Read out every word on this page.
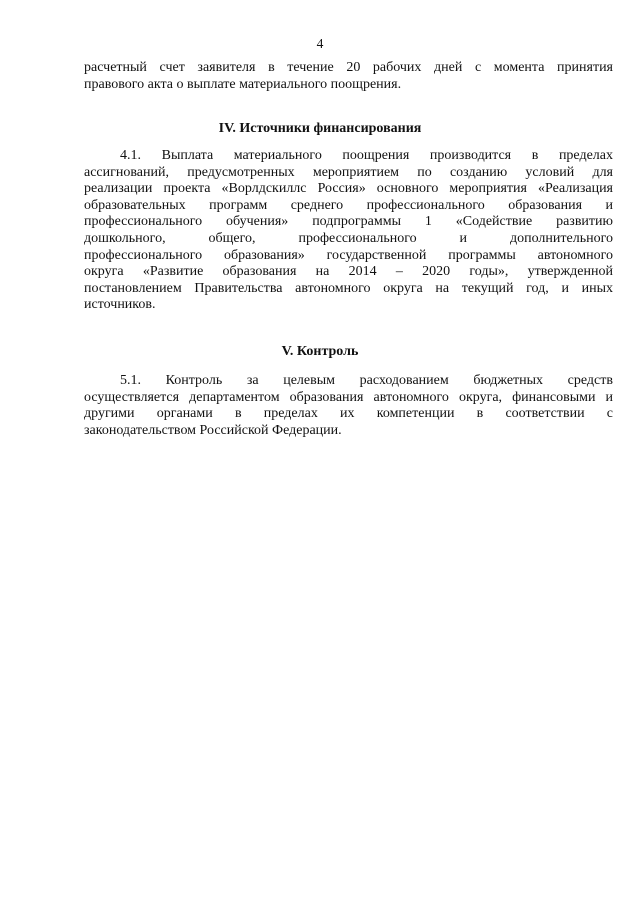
4
расчетный счет заявителя в течение 20 рабочих дней с момента принятия
правового акта о выплате материального поощрения.
IV. Источники финансирования
4.1. Выплата материального поощрения производится в пределах
ассигнований, предусмотренных мероприятием по созданию условий для
реализации проекта «Ворлдскиллс Россия» основного мероприятия «Реализация
образовательных программ среднего профессионального образования и
профессионального обучения» подпрограммы 1 «Содействие развитию
дошкольного, общего, профессионального и дополнительного
профессионального образования» государственной программы автономного
округа «Развитие образования на 2014 – 2020 годы», утвержденной
постановлением Правительства автономного округа на текущий год, и иных
источников.
V. Контроль
5.1. Контроль за целевым расходованием бюджетных средств
осуществляется департаментом образования автономного округа, финансовыми и
другими органами в пределах их компетенции в соответствии с
законодательством Российской Федерации.
